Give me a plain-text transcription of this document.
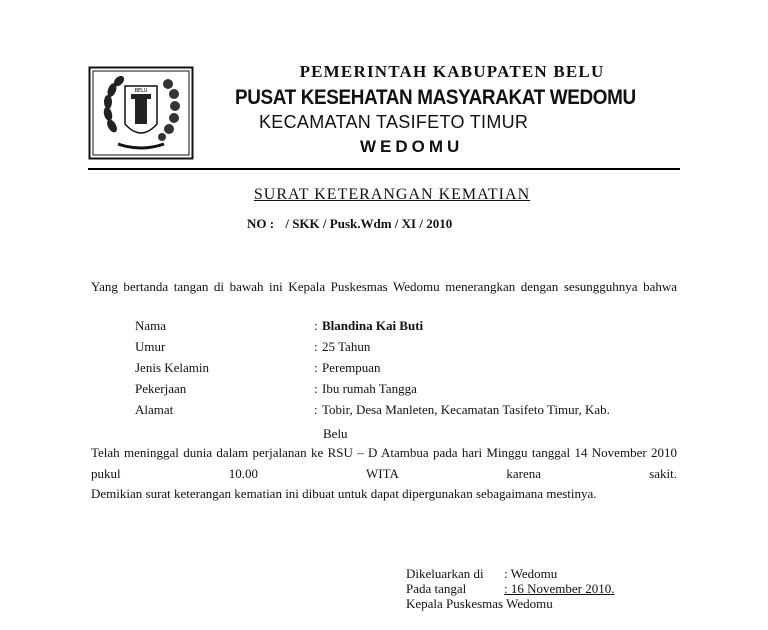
BELU
PEMERINTAH KABUPATEN BELU
PUSAT KESEHATAN MASYARAKAT WEDOMU
KECAMATAN TASIFETO TIMUR
WEDOMU
SURAT KETERANGAN KEMATIAN
NO : / SKK / Pusk.Wdm / XI / 2010
Yang bertanda tangan di bawah ini Kepala Puskesmas Wedomu menerangkan dengan sesungguhnya bahwa
Nama	: Blandina Kai Buti
Umur	: 25 Tahun
Jenis Kelamin	: Perempuan
Pekerjaan	: Ibu rumah Tangga
Alamat	: Tobir, Desa Manleten, Kecamatan Tasifeto Timur, Kab.
Belu
Telah meninggal dunia dalam perjalanan ke RSU – D Atambua pada hari Minggu tanggal 14 November 2010 pukul 10.00 WITA karena sakit.
Demikian surat keterangan kematian ini dibuat untuk dapat dipergunakan sebagaimana mestinya.
Dikeluarkan di : Wedomu
Pada tangal	: 16 November 2010.
Kepala Puskesmas Wedomu
